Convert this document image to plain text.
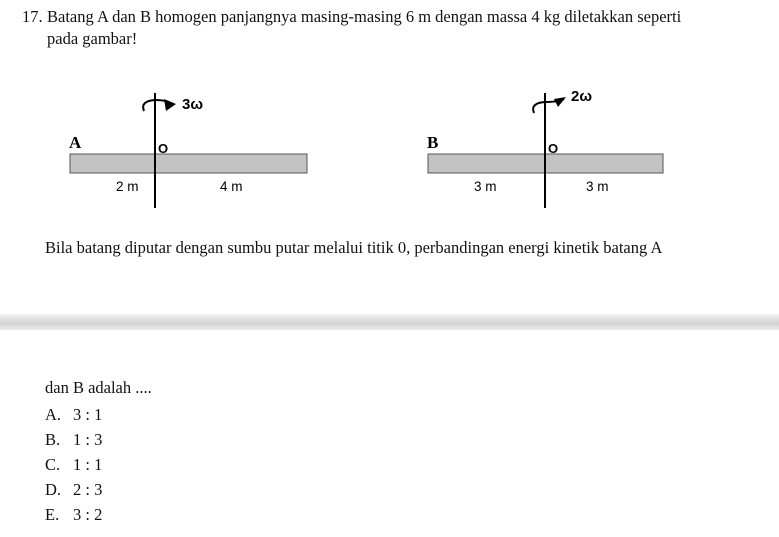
17. Batang A dan B homogen panjangnya masing-masing 6 m dengan massa 4 kg diletakkan seperti
pada gambar!
3ω
A	O
2 m	4 m
2ω
B	O
3 m	3 m
Bila batang diputar dengan sumbu putar melalui titik 0, perbandingan energi kinetik batang A
dan B adalah ....
A. 3 : 1
B. 1 : 3
C. 1 : 1
D. 2 : 3
E. 3 : 2
